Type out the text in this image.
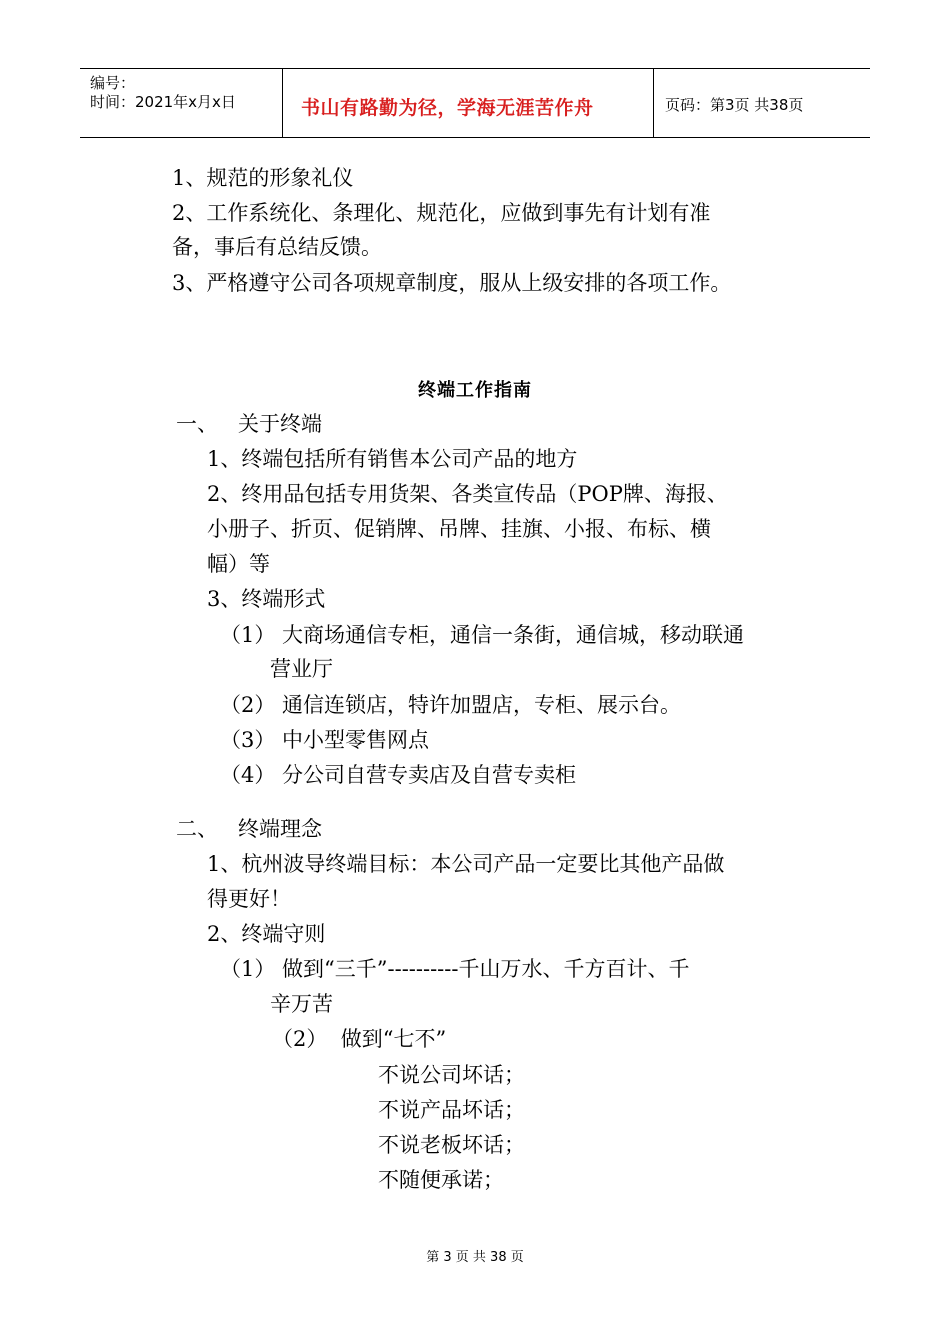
编号：
时间：2021年x月x日	书山有路勤为径，学海无涯苦作舟	页码：第3页 共38页
1、规范的形象礼仪
2、工作系统化、条理化、规范化，应做到事先有计划有准
备，事后有总结反馈。
3、严格遵守公司各项规章制度，服从上级安排的各项工作。
终端工作指南
一、   关于终端
1、终端包括所有销售本公司产品的地方
2、终用品包括专用货架、各类宣传品（POP牌、海报、
小册子、折页、促销牌、吊牌、挂旗、小报、布标、横
幅）等
3、终端形式
（1） 大商场通信专柜，通信一条街，通信城，移动联通
营业厅
（2） 通信连锁店，特许加盟店，专柜、展示台。
（3） 中小型零售网点
（4） 分公司自营专卖店及自营专卖柜
二、   终端理念
1、杭州波导终端目标：本公司产品一定要比其他产品做
得更好！
2、终端守则
（1） 做到“三千”----------千山万水、千方百计、千
辛万苦
（2）  做到“七不”
不说公司坏话；
不说产品坏话；
不说老板坏话；
不随便承诺；
第 3 页 共 38 页
